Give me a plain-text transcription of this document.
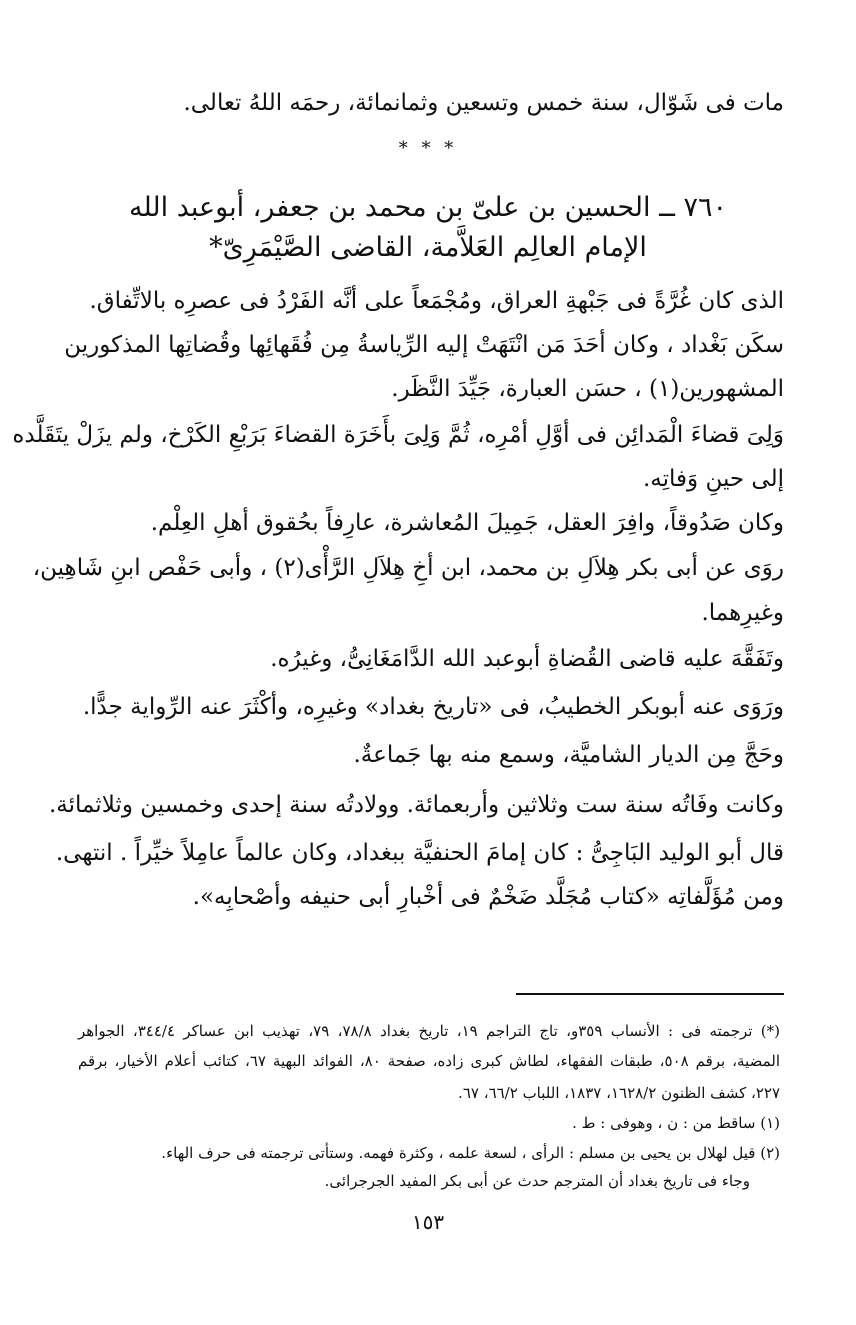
مات فى شَوّال، سنة خمس وتسعين وثمانمائة، رحمَه اللهُ تعالى.
* * *
٧٦٠ ــ الحسين بن علىّ بن محمد بن جعفر، أبوعبد الله
الإمام العالِم العَلاَّمة، القاضى الصَّيْمَرِىّ*
الذى كان غُرَّةً فى جَبْهةِ العراق، ومُجْمَعاً على أنَّه الفَرْدُ فى عصرِه بالاتِّفاق.
سكَن بَغْداد ، وكان أحَدَ مَن انْتَهَتْ إليه الرِّياسةُ مِن فُقَهائِها وقُضاتِها المذكورين
المشهورين(١) ، حسَن العبارة، جَيِّدَ النَّظَر.
وَلِىَ قضاءَ الْمَدائِن فى أوَّلِ أمْرِه، ثُمَّ وَلِىَ بأَخَرَة القضاءَ بَرَبْعِ الكَرْخ، ولم يزَلْ يتَقَلَّده
إلى حينِ وَفاتِه.
وكان صَدُوقاً، وافِرَ العقل، جَمِيلَ المُعاشرة، عارِفاً بحُقوق أهلِ العِلْم.
روَى عن أبى بكر هِلاَلِ بن محمد، ابن أخِ هِلاَلِ الرَّأْى(٢) ، وأبى حَفْص ابنِ شَاهِين،
وغيرِهما.
وتَفَقَّهَ عليه قاضى القُضاةِ أبوعبد الله الدَّامَغَانِىُّ، وغيرُه.
ورَوَى عنه أبوبكر الخطيبُ، فى «تاريخ بغداد» وغيرِه، وأكْثَرَ عنه الرِّواية جدًّا.
وحَجَّ مِن الديار الشاميَّة، وسمع منه بها جَماعةٌ.
وكانت وفَاتُه سنة ست وثلاثين وأربعمائة. وولادتُه سنة إحدى وخمسين وثلاثمائة.
قال أبو الوليد البَاجِىُّ : كان إمامَ الحنفيَّة ببغداد، وكان عالماً عامِلاً خيِّراً . انتهى.
ومن مُؤَلَّفاتِه «كتاب مُجَلَّد ضَخْمٌ فى أخْبارِ أبى حنيفه وأصْحابِه».
(*) ترجمته فى : الأنساب ٣٥٩و، تاج التراجم ١٩، تاريخ بغداد ٧٨/٨، ٧٩، تهذيب ابن عساكر ٣٤٤/٤، الجواهر
المضية، برقم ٥٠٨، طبقات الفقهاء، لطاش كبرى زاده، صفحة ٨٠، الفوائد البهية ٦٧، كتائب أعلام الأخيار، برقم
٢٢٧، كشف الظنون ١٦٢٨/٢، ١٨٣٧، اللباب ٦٦/٢، ٦٧.
(١) ساقط من : ن ، وهوفى : ط .
(٢) قيل لهلال بن يحيى بن مسلم : الرأى ، لسعة علمه ، وكثرة فهمه. وستأتى ترجمته فى حرف الهاء.
وجاء فى تاريخ بغداد أن المترجم حدث عن أبى بكر المفيد الجرجرائى.
١٥٣
